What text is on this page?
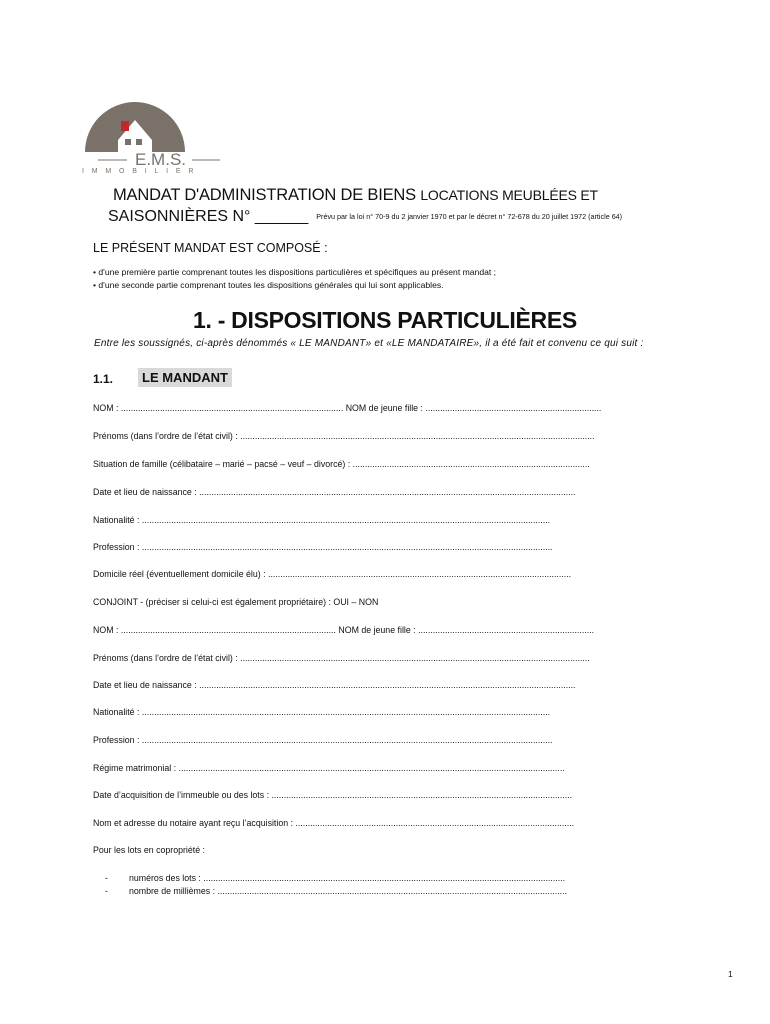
E.M.S.
IMMOBILIER
MANDAT D'ADMINISTRATION DE BIENS LOCATIONS MEUBLÉES ET
SAISONNIÈRES N° ______ Prévu par la loi n° 70-9 du 2 janvier 1970 et par le décret n° 72-678 du 20 juillet 1972 (article 64)
LE PRÉSENT MANDAT EST COMPOSÉ :
• d'une première partie comprenant toutes les dispositions particulières et spécifiques au présent mandat ;
• d'une seconde partie comprenant toutes les dispositions générales qui lui sont applicables.
1. - DISPOSITIONS PARTICULIÈRES
Entre les soussignés, ci-après dénommés « LE MANDANT» et «LE MANDATAIRE», il a été fait et convenu ce qui suit :
1.1.	LE MANDANT
NOM : ........................................................................................... NOM de jeune fille : ........................................................................
Prénoms (dans l’ordre de l’état civil) : .................................................................................................................................................
Situation de famille (célibataire – marié – pacsé – veuf – divorcé) : .................................................................................................
Date et lieu de naissance : ..........................................................................................................................................................
Nationalité : .......................................................................................................................................................................
Profession : ........................................................................................................................................................................
Domicile réel (éventuellement domicile élu) : ............................................................................................................................
CONJOINT - (préciser si celui-ci est également propriétaire) : OUI – NON
NOM : ........................................................................................ NOM de jeune fille : ........................................................................
Prénoms (dans l’ordre de l’état civil) : ...............................................................................................................................................
Date et lieu de naissance : ..........................................................................................................................................................
Nationalité : .......................................................................................................................................................................
Profession : ........................................................................................................................................................................
Régime matrimonial : ..............................................................................................................................................................
Date d’acquisition de l’immeuble ou des lots : ...........................................................................................................................
Nom et adresse du notaire ayant reçu l’acquisition : ..................................................................................................................
Pour les lots en copropriété :
- numéros des lots : ....................................................................................................................................................
- nombre de millièmes : ...............................................................................................................................................
1
